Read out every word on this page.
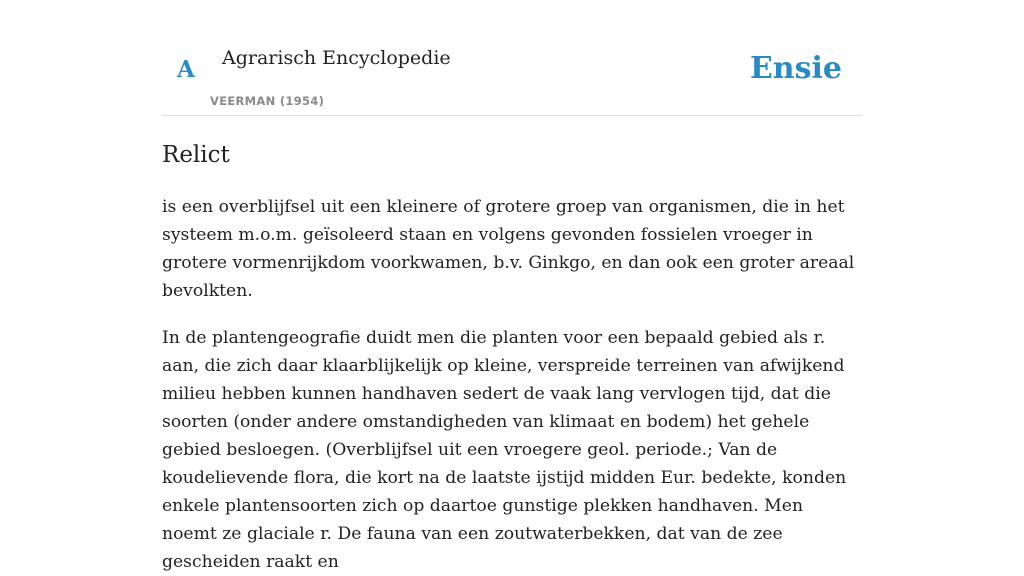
A Agrarisch Encyclopedie
VEERMAN (1954)
Ensie
Relict

is een overblijfsel uit een kleinere of grotere groep van organismen, die in het systeem m.o.m. geïsoleerd staan en volgens gevonden fossielen vroeger in grotere vormenrijkdom voorkwamen, b.v. Ginkgo, en dan ook een groter areaal bevolkten.

In de plantengeografie duidt men die planten voor een bepaald gebied als r. aan, die zich daar klaarblijkelijk op kleine, verspreide terreinen van afwijkend milieu hebben kunnen handhaven sedert de vaak lang vervlogen tijd, dat die soorten (onder andere omstandigheden van klimaat en bodem) het gehele gebied besloegen. (Overblijfsel uit een vroegere geol. periode.; Van de koudelievende flora, die kort na de laatste ijstijd midden Eur. bedekte, konden enkele plantensoorten zich op daartoe gunstige plekken handhaven. Men noemt ze glaciale r. De fauna van een zoutwaterbekken, dat van de zee gescheiden raakt en
